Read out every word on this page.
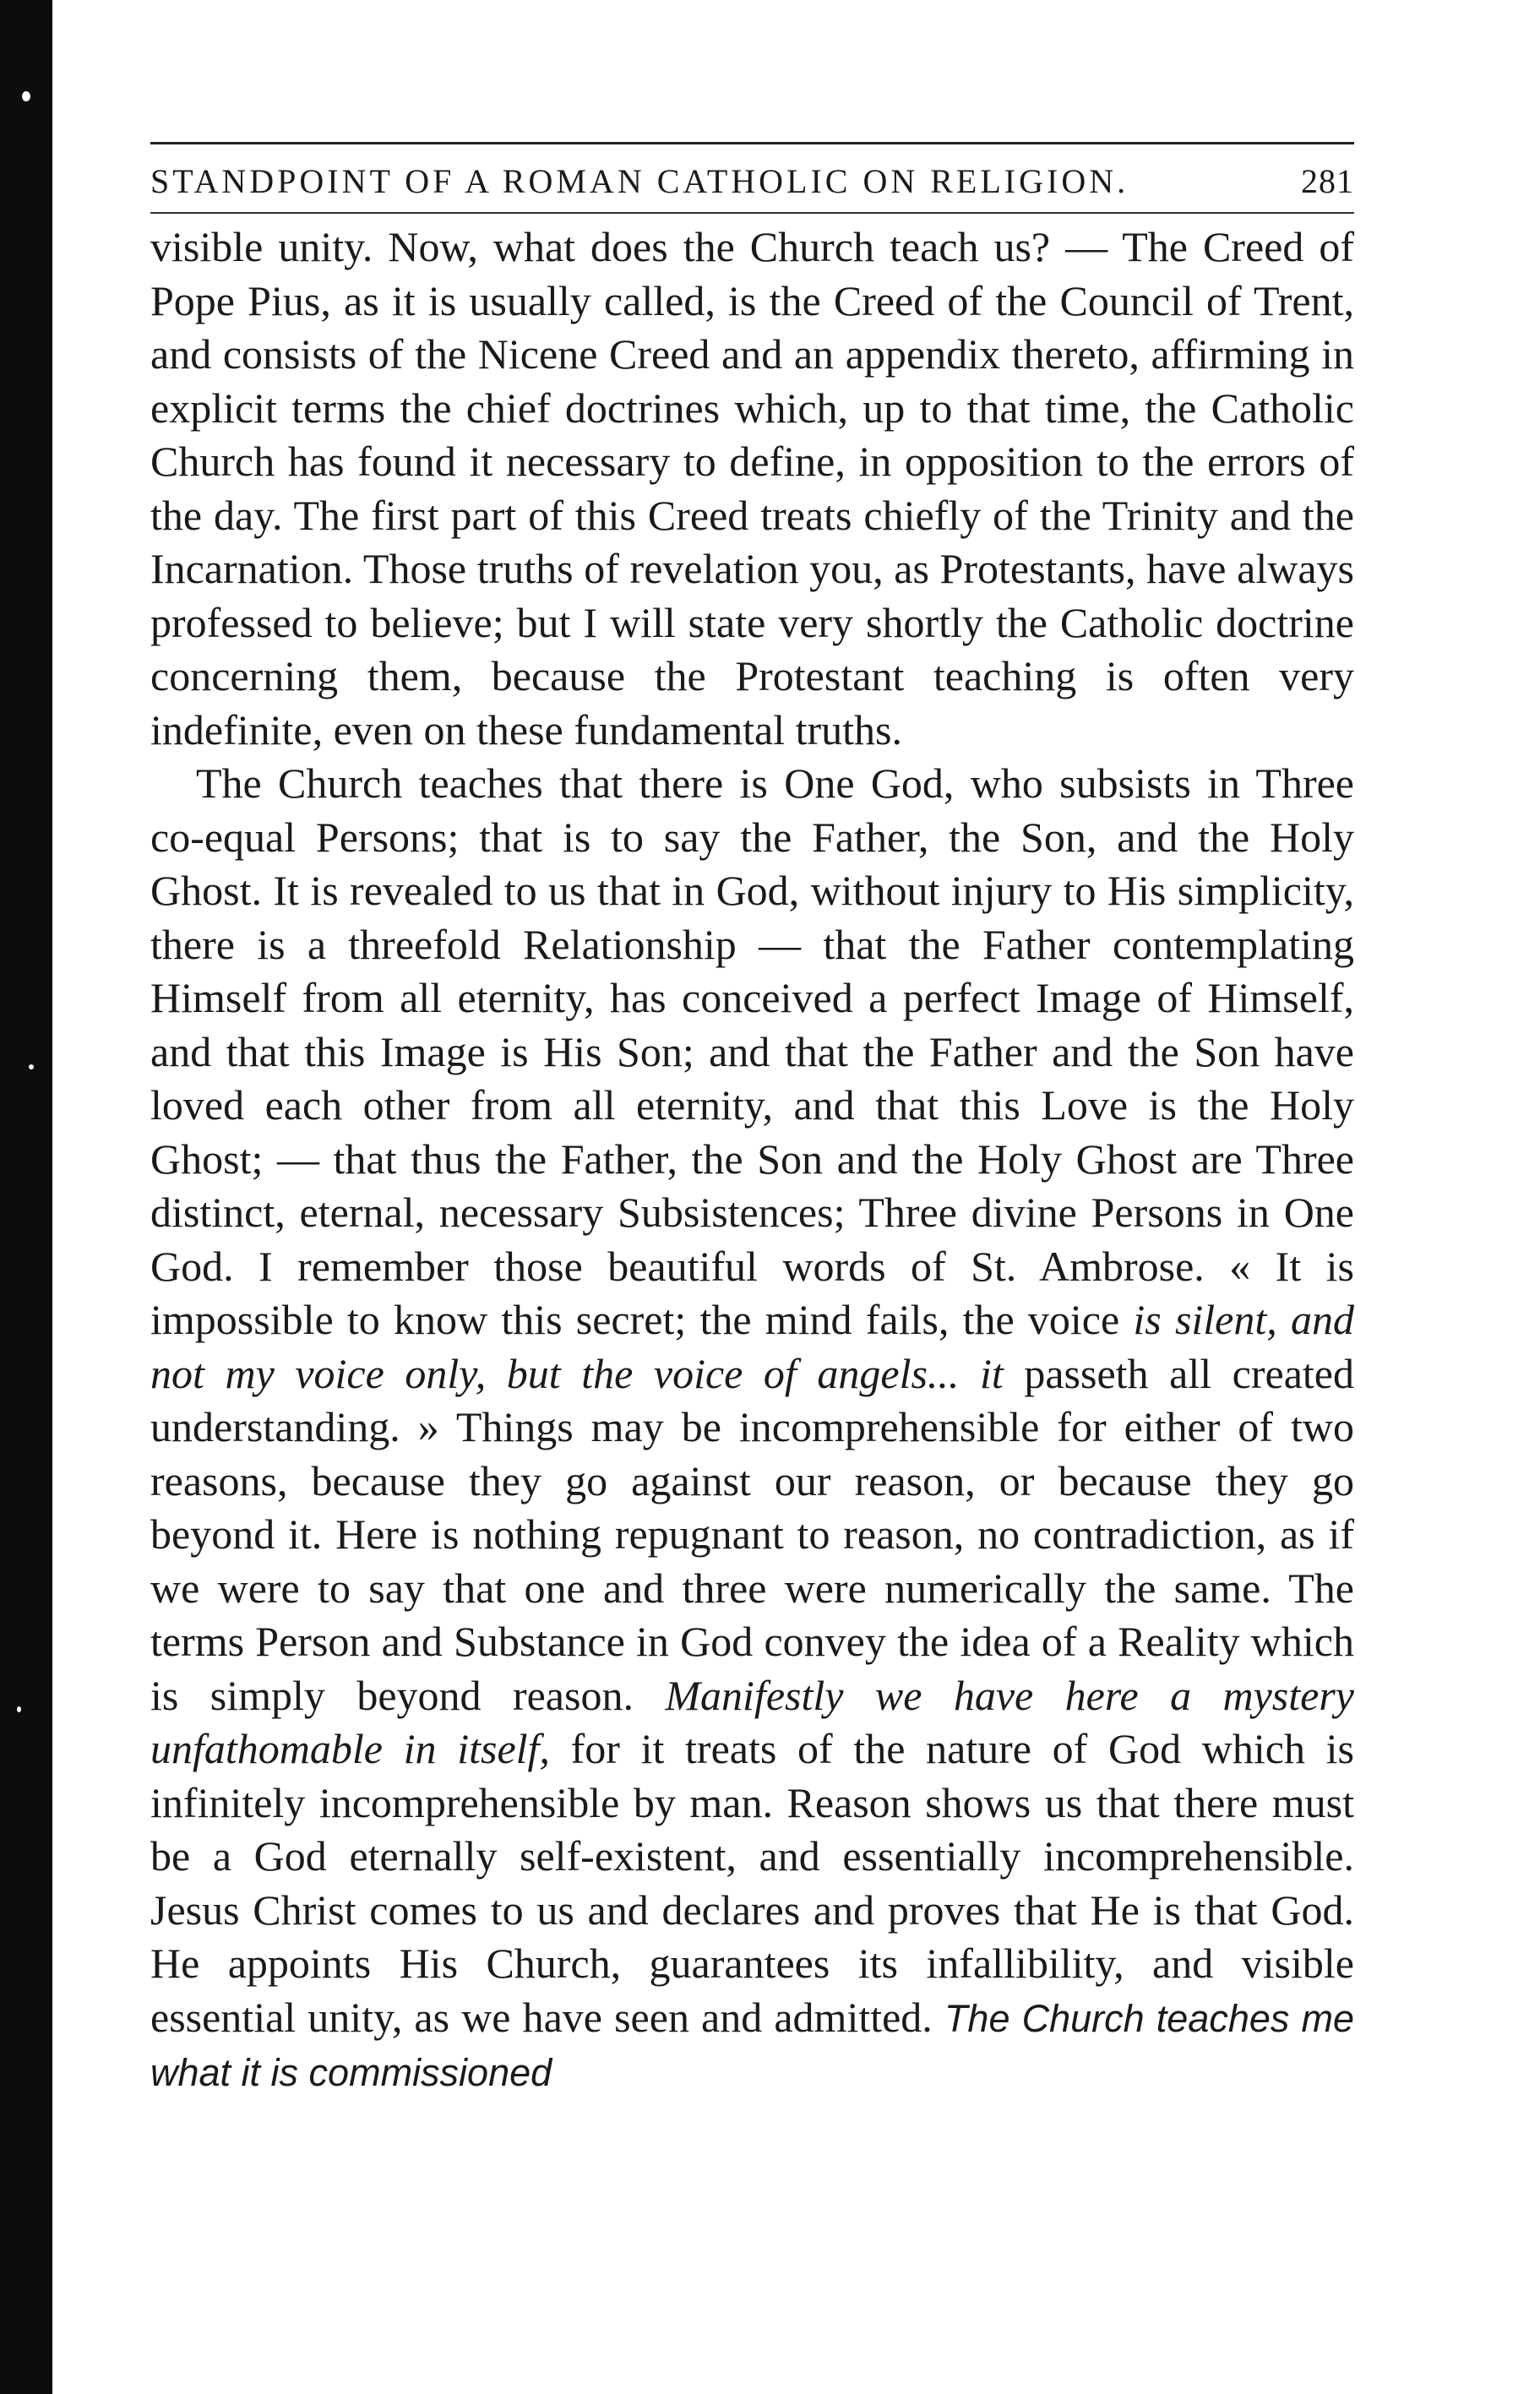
STANDPOINT OF A ROMAN CATHOLIC ON RELIGION.	281

visible unity. Now, what does the Church teach us? — The Creed of Pope Pius, as it is usually called, is the Creed of the Council of Trent, and consists of the Nicene Creed and an appendix thereto, affirming in explicit terms the chief doctrines which, up to that time, the Catholic Church has found it necessary to define, in opposition to the errors of the day. The first part of this Creed treats chiefly of the Trinity and the Incarnation. Those truths of revelation you, as Protestants, have always professed to believe; but I will state very shortly the Catholic doctrine concerning them, because the Protestant teaching is often very indefinite, even on these fundamental truths.

The Church teaches that there is One God, who subsists in Three co-equal Persons; that is to say the Father, the Son, and the Holy Ghost. It is revealed to us that in God, without injury to His simplicity, there is a threefold Relationship — that the Father contemplating Himself from all eternity, has conceived a perfect Image of Himself, and that this Image is His Son; and that the Father and the Son have loved each other from all eternity, and that this Love is the Holy Ghost; — that thus the Father, the Son and the Holy Ghost are Three distinct, eternal, necessary Subsistences; Three divine Persons in One God. I remember those beautiful words of St. Ambrose. « It is impossible to know this secret; the mind fails, the voice is silent, and not my voice only, but the voice of angels... it passeth all created understanding. » Things may be incomprehensible for either of two reasons, because they go against our reason, or because they go beyond it. Here is nothing repugnant to reason, no contradiction, as if we were to say that one and three were numerically the same. The terms Person and Substance in God convey the idea of a Reality which is simply beyond reason. Manifestly we have here a mystery unfathomable in itself, for it treats of the nature of God which is infinitely incomprehensible by man. Reason shows us that there must be a God eternally self-existent, and essentially incomprehensible. Jesus Christ comes to us and declares and proves that He is that God. He appoints His Church, guarantees its infallibility, and visible essential unity, as we have seen and admitted. The Church teaches me what it is commissioned
